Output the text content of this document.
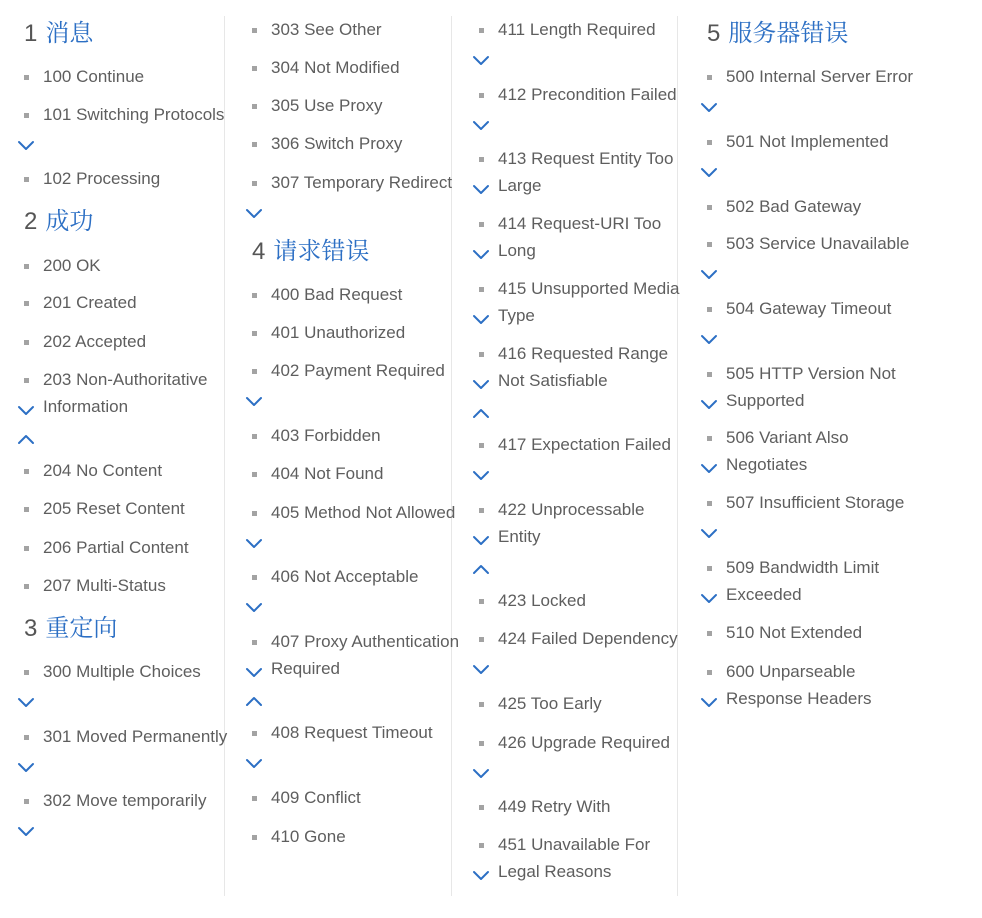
1 消息
100 Continue
101 Switching Protocols
102 Processing
2 成功
200 OK
201 Created
202 Accepted
203 Non-Authoritative Information
204 No Content
205 Reset Content
206 Partial Content
207 Multi-Status
3 重定向
300 Multiple Choices
301 Moved Permanently
302 Move temporarily
303 See Other
304 Not Modified
305 Use Proxy
306 Switch Proxy
307 Temporary Redirect
4 请求错误
400 Bad Request
401 Unauthorized
402 Payment Required
403 Forbidden
404 Not Found
405 Method Not Allowed
406 Not Acceptable
407 Proxy Authentication Required
408 Request Timeout
409 Conflict
410 Gone
411 Length Required
412 Precondition Failed
413 Request Entity Too Large
414 Request-URI Too Long
415 Unsupported Media Type
416 Requested Range Not Satisfiable
417 Expectation Failed
422 Unprocessable Entity
423 Locked
424 Failed Dependency
425 Too Early
426 Upgrade Required
449 Retry With
451 Unavailable For Legal Reasons
5 服务器错误
500 Internal Server Error
501 Not Implemented
502 Bad Gateway
503 Service Unavailable
504 Gateway Timeout
505 HTTP Version Not Supported
506 Variant Also Negotiates
507 Insufficient Storage
509 Bandwidth Limit Exceeded
510 Not Extended
600 Unparseable Response Headers
